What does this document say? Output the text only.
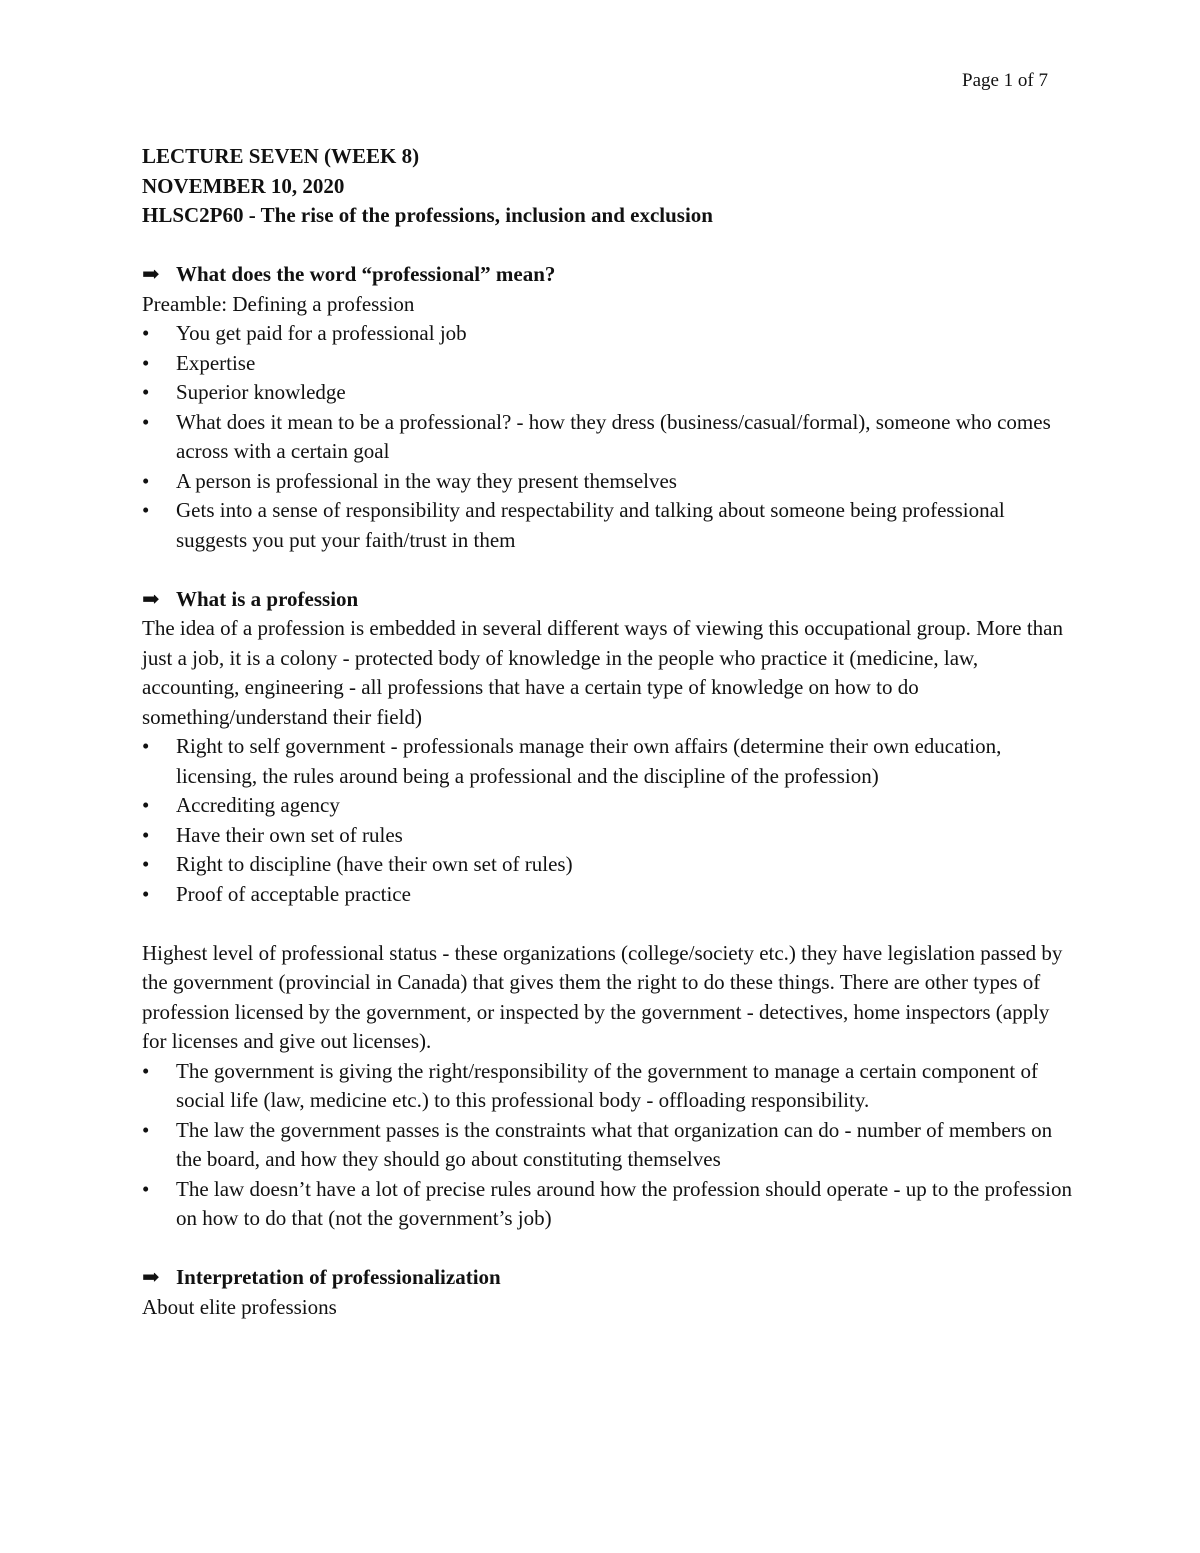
Page 1 of 7

LECTURE SEVEN (WEEK 8)

NOVEMBER 10, 2020

HLSC2P60 - The rise of the professions, inclusion and exclusion

➡ What does the word “professional” mean?

Preamble: Defining a profession

•	You get paid for a professional job
•	Expertise
•	Superior knowledge
•	What does it mean to be a professional? - how they dress (business/casual/formal), someone who comes across with a certain goal
•	A person is professional in the way they present themselves
•	Gets into a sense of responsibility and respectability and talking about someone being professional suggests you put your faith/trust in them

➡ What is a profession

The idea of a profession is embedded in several different ways of viewing this occupational group. More than just a job, it is a colony - protected body of knowledge in the people who practice it (medicine, law, accounting, engineering - all professions that have a certain type of knowledge on how to do something/understand their field)

•	Right to self government - professionals manage their own affairs (determine their own education, licensing, the rules around being a professional and the discipline of the profession)
•	Accrediting agency
•	Have their own set of rules
•	Right to discipline (have their own set of rules)
•	Proof of acceptable practice

Highest level of professional status - these organizations (college/society etc.) they have legislation passed by the government (provincial in Canada) that gives them the right to do these things. There are other types of profession licensed by the government, or inspected by the government - detectives, home inspectors (apply for licenses and give out licenses).

•	The government is giving the right/responsibility of the government to manage a certain component of social life (law, medicine etc.) to this professional body - offloading responsibility.
•	The law the government passes is the constraints what that organization can do - number of members on the board, and how they should go about constituting themselves
•	The law doesn’t have a lot of precise rules around how the profession should operate - up to the profession on how to do that (not the government’s job)

➡ Interpretation of professionalization

About elite professions
